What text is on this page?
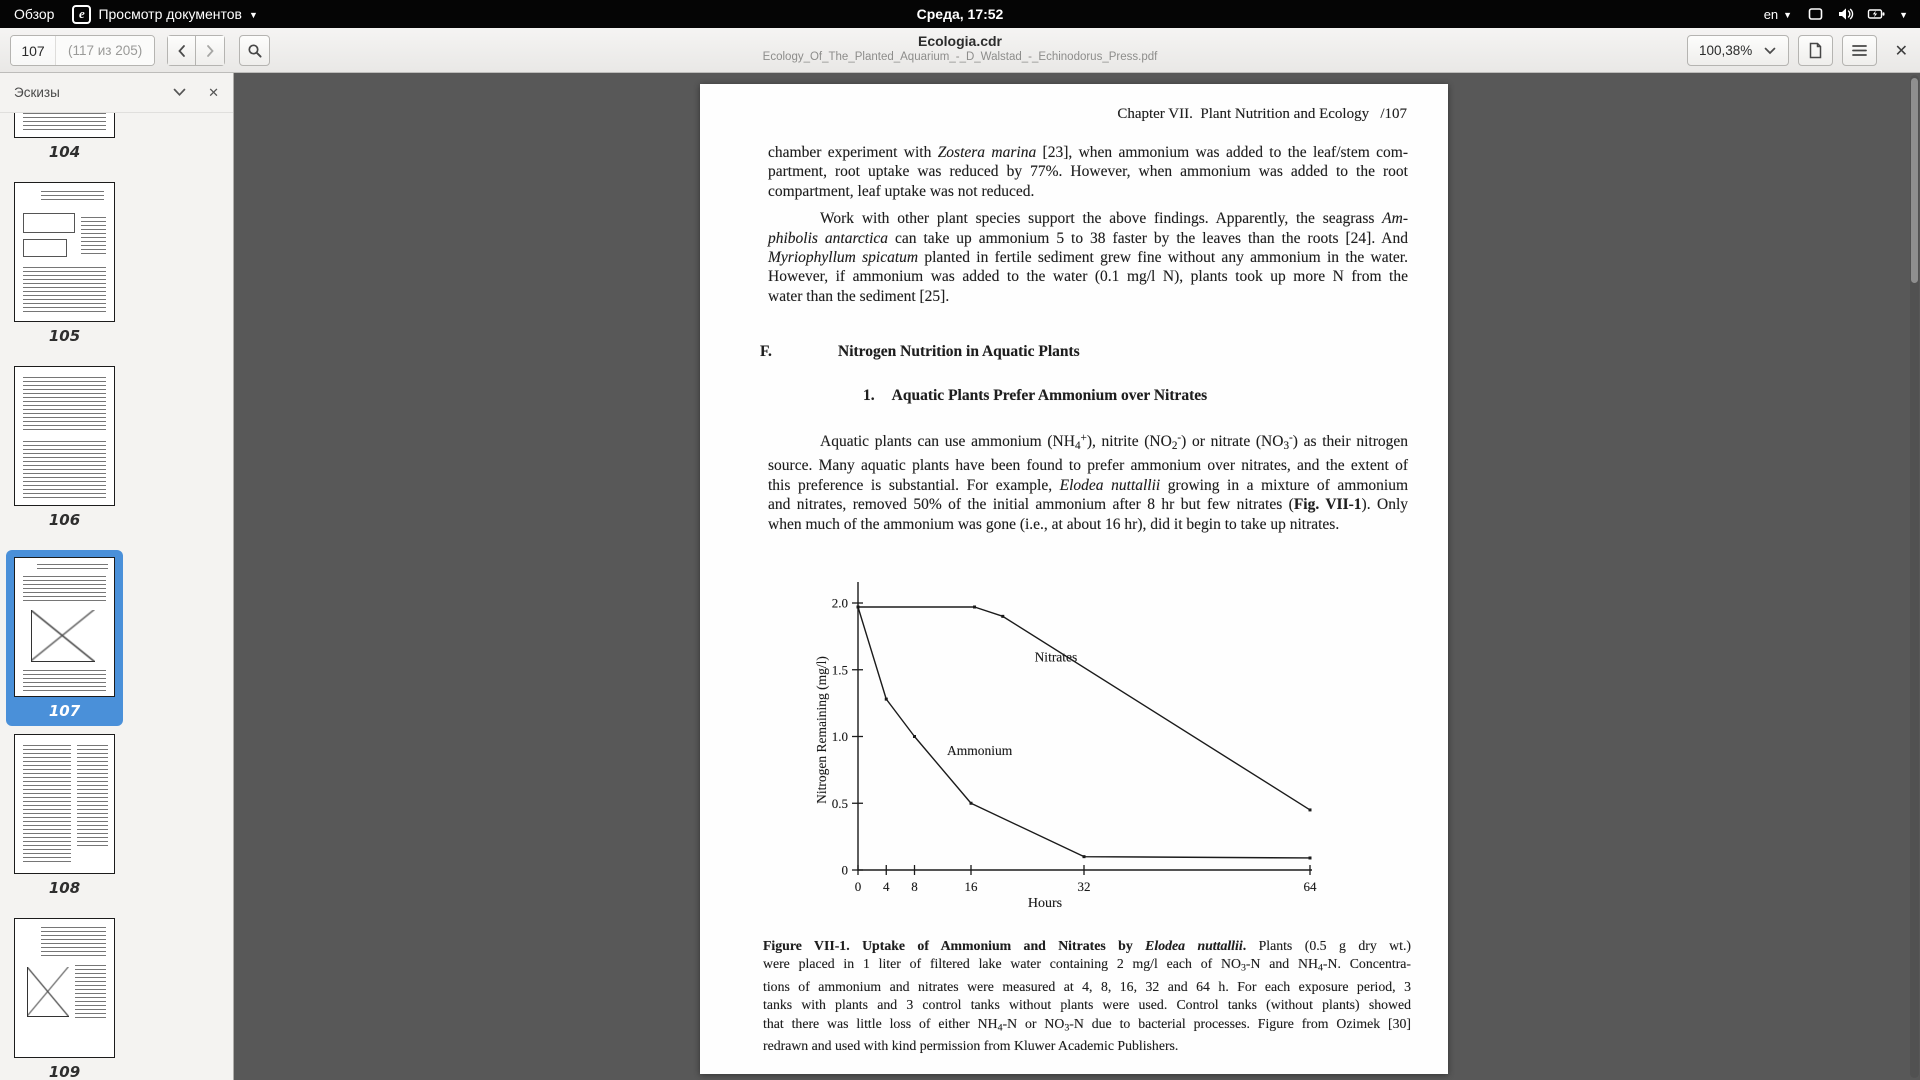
Обзор	e Просмотр документов ▼	Среда, 17:52	en ▼	▼
107
(117 из 205)
Ecologia.cdr
Ecology_Of_The_Planted_Aquarium_-_D_Walstad_-_Echinodorus_Press.pdf	100,38%	✕
Эскизы	✕
104
105
106
107
108
109
Chapter VII.  Plant Nutrition and Ecology   /107
chamber experiment with Zostera marina [23], when ammonium was added to the leaf/stem com-
partment, root uptake was reduced by 77%. However, when ammonium was added to the root
compartment, leaf uptake was not reduced.
Work with other plant species support the above findings. Apparently, the seagrass Am-
phibolis antarctica can take up ammonium 5 to 38 faster by the leaves than the roots [24]. And
Myriophyllum spicatum planted in fertile sediment grew fine without any ammonium in the water.
However, if ammonium was added to the water (0.1 mg/l N), plants took up more N from the
water than the sediment [25].
F.	Nitrogen Nutrition in Aquatic Plants
1. Aquatic Plants Prefer Ammonium over Nitrates
Aquatic plants can use ammonium (NH4+), nitrite (NO2-) or nitrate (NO3-) as their nitrogen
source. Many aquatic plants have been found to prefer ammonium over nitrates, and the extent of
this preference is substantial. For example, Elodea nuttallii growing in a mixture of ammonium
and nitrates, removed 50% of the initial ammonium after 8 hr but few nitrates (Fig. VII-1). Only
when much of the ammonium was gone (i.e., at about 16 hr), did it begin to take up nitrates.
0
0.5
1.0
1.5
2.0
0 4 8	16	32	64
Hours
Nitrogen Remaining (mg/l)	Nitrates
Ammonium
Figure VII-1. Uptake of Ammonium and Nitrates by Elodea nuttallii. Plants (0.5 g dry wt.)
were placed in 1 liter of filtered lake water containing 2 mg/l each of NO3-N and NH4-N. Concentra-
tions of ammonium and nitrates were measured at 4, 8, 16, 32 and 64 h. For each exposure period, 3
tanks with plants and 3 control tanks without plants were used. Control tanks (without plants) showed
that there was little loss of either NH4-N or NO3-N due to bacterial processes. Figure from Ozimek [30]
redrawn and used with kind permission from Kluwer Academic Publishers.
